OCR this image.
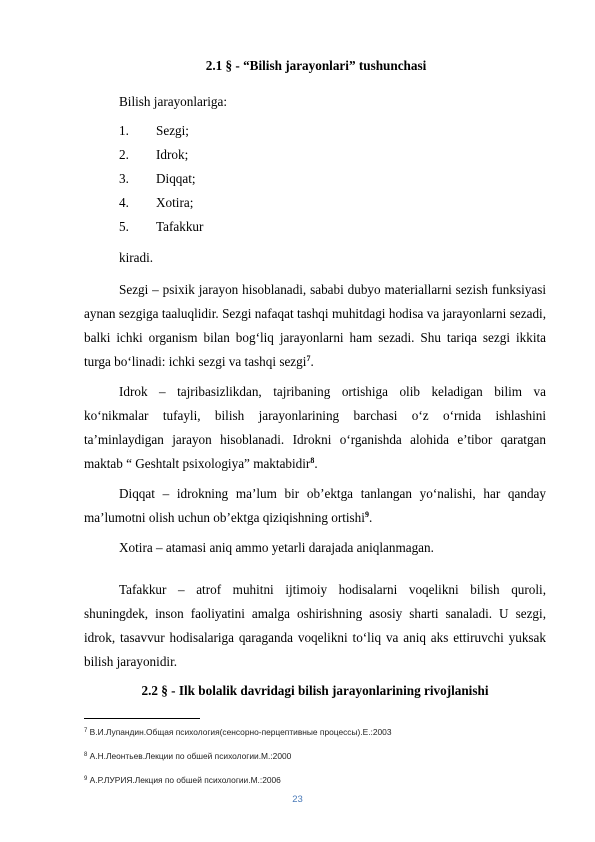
2.1 § - “Bilish jarayonlari” tushunchasi
Bilish jarayonlariga:
1. Sezgi;
2. Idrok;
3. Diqqat;
4. Xotira;
5. Tafakkur
kiradi.

Sezgi – psixik jarayon hisoblanadi, sababi dubyo materiallarni sezish funksiyasi aynan sezgiga taaluqlidir. Sezgi nafaqat tashqi muhitdagi hodisa va jarayonlarni sezadi, balki ichki organism bilan bog‘liq jarayonlarni ham sezadi. Shu tariqa sezgi ikkita turga bo‘linadi: ichki sezgi va tashqi sezgi$^7$.

Idrok – tajribasizlikdan, tajribaning ortishiga olib keladigan bilim va ko‘nikmalar tufayli, bilish jarayonlarining barchasi o‘z o‘rnida ishlashini ta’minlaydigan jarayon hisoblanadi. Idrokni o‘rganishda alohida e’tibor qaratgan maktab “ Geshtalt psixologiya” maktabidir$^8$.

Diqqat – idrokning ma’lum bir ob’ektga tanlangan yo‘nalishi, har qanday ma’lumotni olish uchun ob’ektga qiziqishning ortishi$^9$.

Xotira – atamasi aniq ammo yetarli darajada aniqlanmagan.

Tafakkur – atrof muhitni ijtimoiy hodisalarni voqelikni bilish quroli, shuningdek, inson faoliyatini amalga oshirishning asosiy sharti sanaladi. U sezgi, idrok, tasavvur hodisalariga qaraganda voqelikni to‘liq va aniq aks ettiruvchi yuksak bilish jarayonidir.

2.2 § - Ilk bolalik davridagi bilish jarayonlarining rivojlanishi
$^7$ В.И.Лупандин.Общая психология(сенсорно-перцептивные процессы).Е.:2003
$^8$ А.Н.Леонтьев.Лекции по обшей психологии.М.:2000
$^9$ А.Р.ЛУРИЯ.Лекция по обшей психологии.М.:2006
23
